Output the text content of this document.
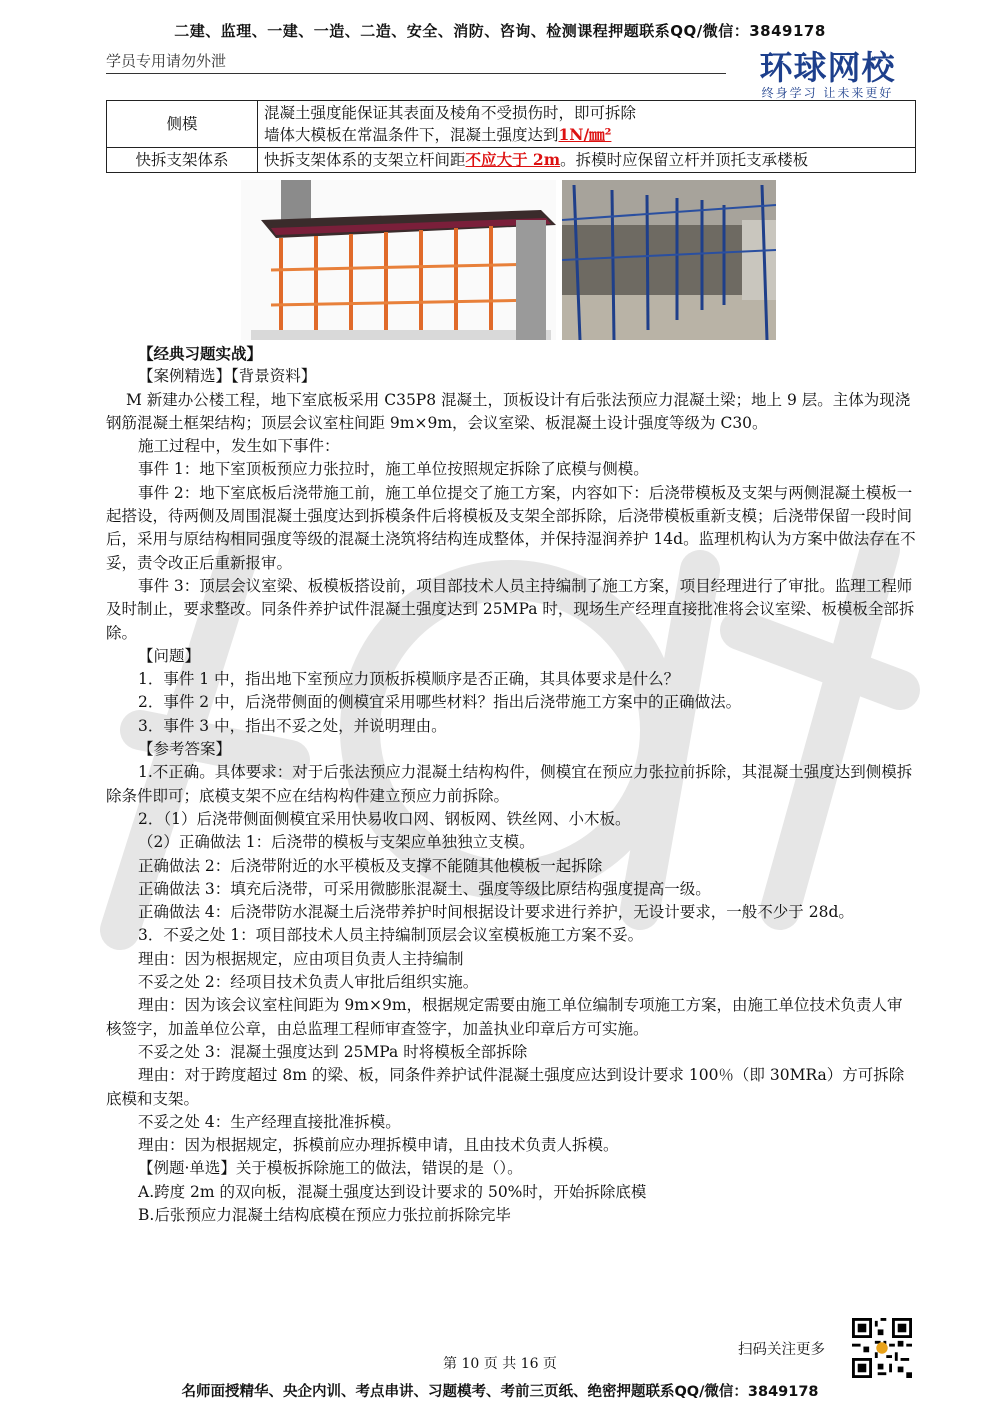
二建、监理、一建、一造、二造、安全、消防、咨询、检测课程押题联系QQ/微信：3849178
学员专用请勿外泄	环球网校
终身学习 让未来更好
侧模	混凝土强度能保证其表面及棱角不受损伤时，即可拆除
墙体大模板在常温条件下，混凝土强度达到1N/㎜²

快拆支架体系	快拆支架体系的支架立杆间距不应大于 2m。拆模时应保留立杆并顶托支承楼板

【经典习题实战】

【案例精选】【背景资料】

M 新建办公楼工程，地下室底板采用 C35P8 混凝土，顶板设计有后张法预应力混凝土梁；地上 9 层。主体为现浇钢筋混凝土框架结构；顶层会议室柱间距 9m×9m，会议室梁、板混凝土设计强度等级为 C30。

施工过程中，发生如下事件：

事件 1：地下室顶板预应力张拉时，施工单位按照规定拆除了底模与侧模。

事件 2：地下室底板后浇带施工前，施工单位提交了施工方案，内容如下：后浇带模板及支架与两侧混凝土模板一起搭设，待两侧及周围混凝土强度达到拆模条件后将模板及支架全部拆除，后浇带模板重新支模；后浇带保留一段时间后，采用与原结构相同强度等级的混凝土浇筑将结构连成整体，并保持湿润养护 14d。监理机构认为方案中做法存在不妥，责令改正后重新报审。

事件 3：顶层会议室梁、板模板搭设前，项目部技术人员主持编制了施工方案，项目经理进行了审批。监理工程师及时制止，要求整改。同条件养护试件混凝土强度达到 25MPa 时，现场生产经理直接批准将会议室梁、板模板全部拆除。

【问题】

1．事件 1 中，指出地下室预应力顶板拆模顺序是否正确，其具体要求是什么？

2．事件 2 中，后浇带侧面的侧模宜采用哪些材料？指出后浇带施工方案中的正确做法。

3．事件 3 中，指出不妥之处，并说明理由。

【参考答案】

1.不正确。具体要求：对于后张法预应力混凝土结构构件，侧模宜在预应力张拉前拆除，其混凝土强度达到侧模拆除条件即可；底模支架不应在结构构件建立预应力前拆除。

2．（1）后浇带侧面侧模宜采用快易收口网、钢板网、铁丝网、小木板。

（2）正确做法 1：后浇带的模板与支架应单独独立支模。

正确做法 2：后浇带附近的水平模板及支撑不能随其他模板一起拆除

正确做法 3：填充后浇带，可采用微膨胀混凝土、强度等级比原结构强度提高一级。

正确做法 4：后浇带防水混凝土后浇带养护时间根据设计要求进行养护，无设计要求，一般不少于 28d。

3．不妥之处 1：项目部技术人员主持编制顶层会议室模板施工方案不妥。

理由：因为根据规定，应由项目负责人主持编制

不妥之处 2：经项目技术负责人审批后组织实施。

理由：因为该会议室柱间距为 9m×9m，根据规定需要由施工单位编制专项施工方案，由施工单位技术负责人审核签字，加盖单位公章，由总监理工程师审查签字，加盖执业印章后方可实施。

不妥之处 3：混凝土强度达到 25MPa 时将模板全部拆除

理由：对于跨度超过 8m 的梁、板，同条件养护试件混凝土强度应达到设计要求 100％（即 30MRa）方可拆除底模和支架。

不妥之处 4：生产经理直接批准拆模。

理由：因为根据规定，拆模前应办理拆模申请，且由技术负责人拆模。

【例题·单选】关于模板拆除施工的做法，错误的是（）。

A.跨度 2m 的双向板，混凝土强度达到设计要求的 50%时，开始拆除底模

B.后张预应力混凝土结构底模在预应力张拉前拆除完毕

扫码关注更多
第 10 页 共 16 页
名师面授精华、央企内训、考点串讲、习题模考、考前三页纸、绝密押题联系QQ/微信：3849178
